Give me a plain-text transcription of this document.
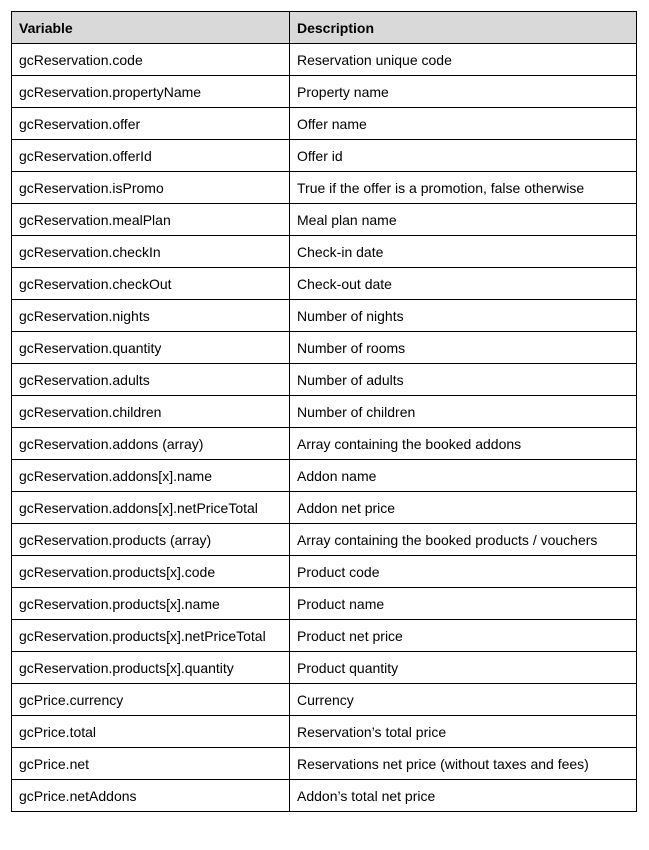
Variable	Description
gcReservation.code	Reservation unique code
gcReservation.propertyName	Property name
gcReservation.offer	Offer name
gcReservation.offerId	Offer id
gcReservation.isPromo	True if the offer is a promotion, false otherwise
gcReservation.mealPlan	Meal plan name
gcReservation.checkIn	Check-in date
gcReservation.checkOut	Check-out date
gcReservation.nights	Number of nights
gcReservation.quantity	Number of rooms
gcReservation.adults	Number of adults
gcReservation.children	Number of children
gcReservation.addons (array)	Array containing the booked addons
gcReservation.addons[x].name	Addon name
gcReservation.addons[x].netPriceTotal	Addon net price
gcReservation.products (array)	Array containing the booked products / vouchers
gcReservation.products[x].code	Product code
gcReservation.products[x].name	Product name
gcReservation.products[x].netPriceTotal	Product net price
gcReservation.products[x].quantity	Product quantity
gcPrice.currency	Currency
gcPrice.total	Reservation’s total price
gcPrice.net	Reservations net price (without taxes and fees)
gcPrice.netAddons	Addon’s total net price
